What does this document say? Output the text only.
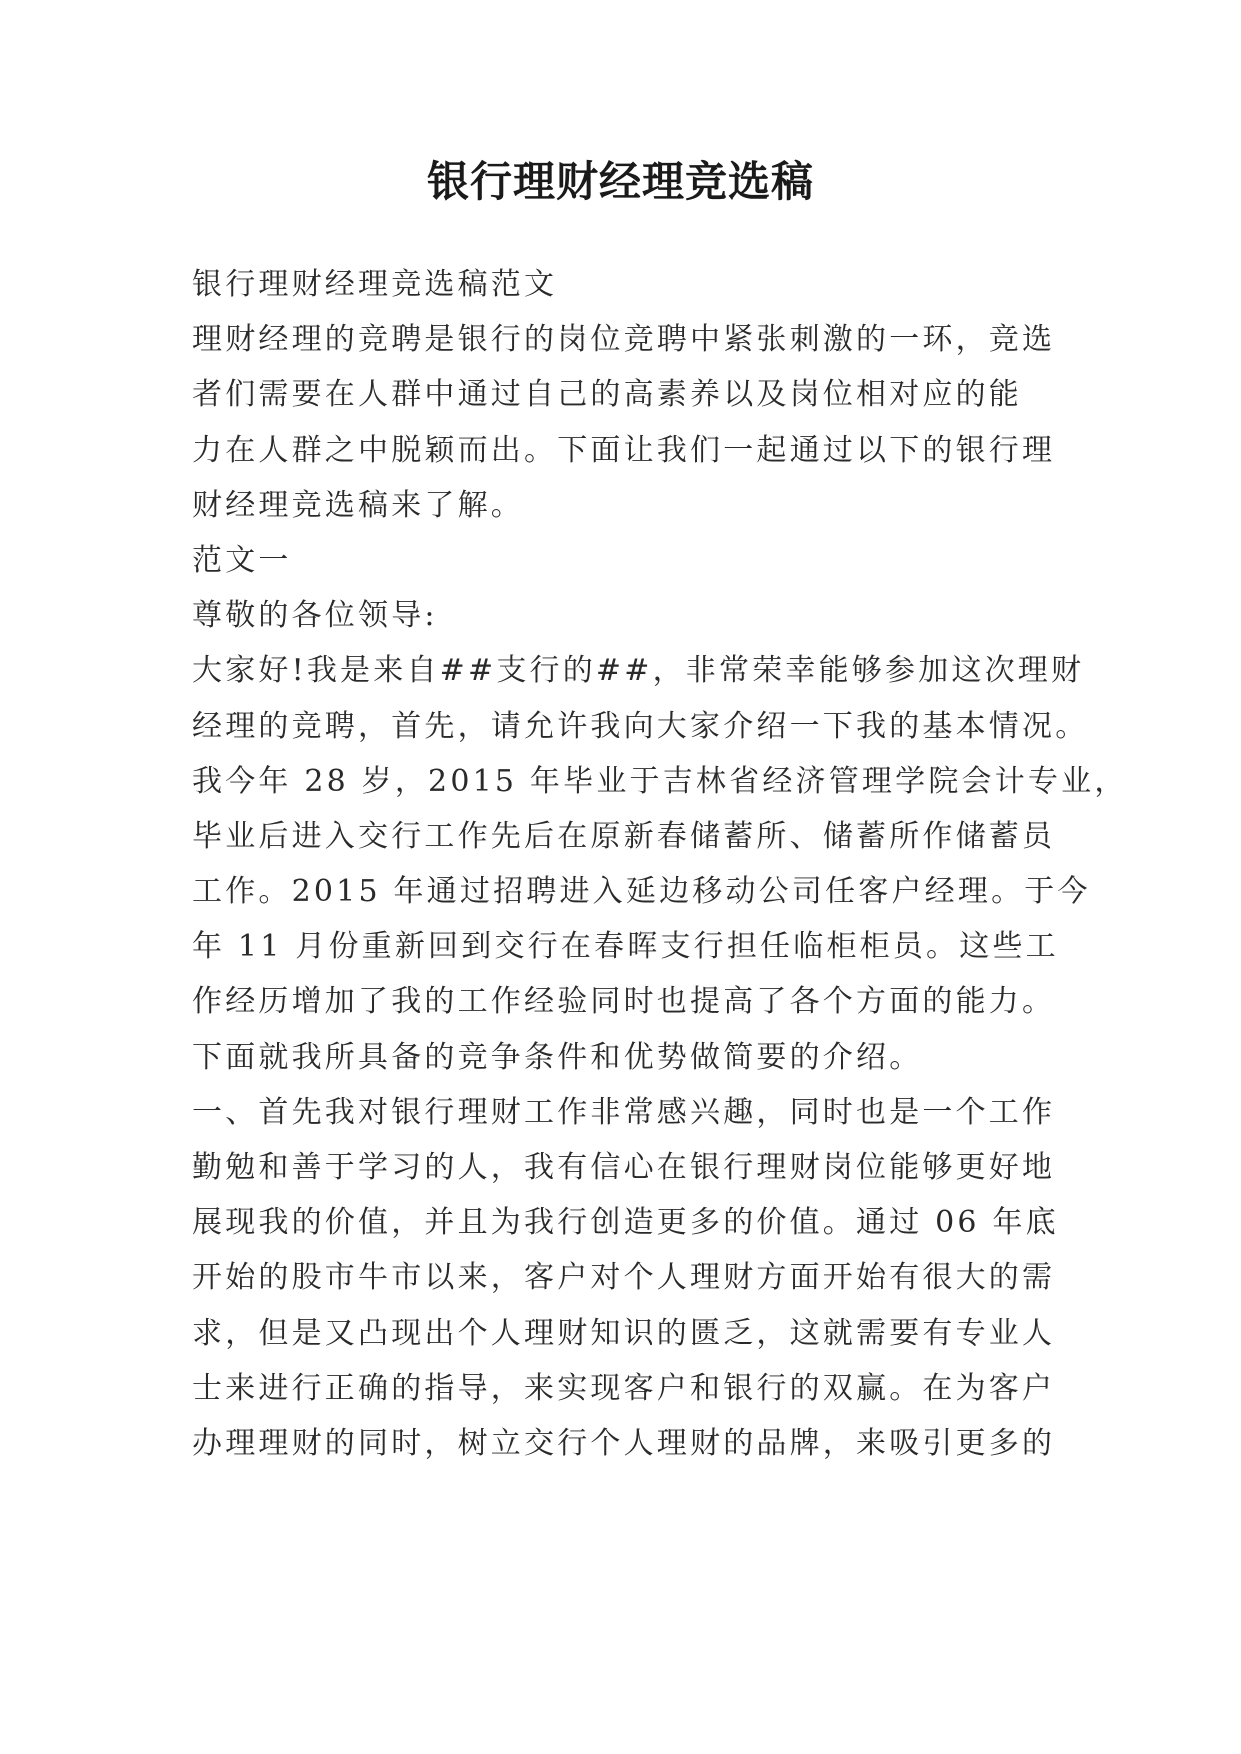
银行理财经理竞选稿
银行理财经理竞选稿范文
理财经理的竞聘是银行的岗位竞聘中紧张刺激的一环，竞选
者们需要在人群中通过自己的高素养以及岗位相对应的能
力在人群之中脱颖而出。下面让我们一起通过以下的银行理
财经理竞选稿来了解。
范文一
尊敬的各位领导:
大家好!我是来自##支行的##，非常荣幸能够参加这次理财
经理的竞聘，首先，请允许我向大家介绍一下我的基本情况。
我今年 28 岁，2015 年毕业于吉林省经济管理学院会计专业，
毕业后进入交行工作先后在原新春储蓄所、储蓄所作储蓄员
工作。2015 年通过招聘进入延边移动公司任客户经理。于今
年 11 月份重新回到交行在春晖支行担任临柜柜员。这些工
作经历增加了我的工作经验同时也提高了各个方面的能力。
下面就我所具备的竞争条件和优势做简要的介绍。
一、首先我对银行理财工作非常感兴趣，同时也是一个工作
勤勉和善于学习的人，我有信心在银行理财岗位能够更好地
展现我的价值，并且为我行创造更多的价值。通过 06 年底
开始的股市牛市以来，客户对个人理财方面开始有很大的需
求，但是又凸现出个人理财知识的匮乏，这就需要有专业人
士来进行正确的指导，来实现客户和银行的双赢。在为客户
办理理财的同时，树立交行个人理财的品牌，来吸引更多的
